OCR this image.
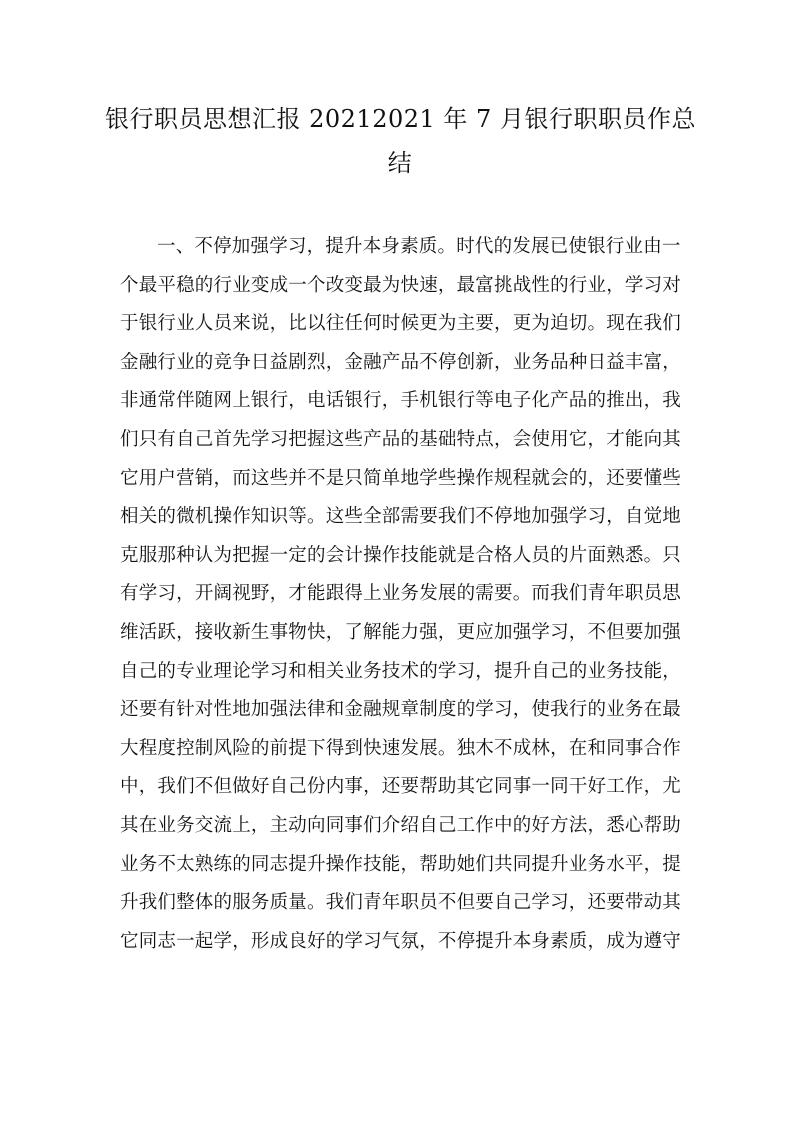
银行职员思想汇报 20212021 年 7 月银行职职员作总
结
一、不停加强学习，提升本身素质。时代的发展已使银行业由一
个最平稳的行业变成一个改变最为快速，最富挑战性的行业，学习对
于银行业人员来说，比以往任何时候更为主要，更为迫切。现在我们
金融行业的竞争日益剧烈，金融产品不停创新，业务品种日益丰富，
非通常伴随网上银行，电话银行，手机银行等电子化产品的推出，我
们只有自己首先学习把握这些产品的基础特点，会使用它，才能向其
它用户营销，而这些并不是只简单地学些操作规程就会的，还要懂些
相关的微机操作知识等。这些全部需要我们不停地加强学习，自觉地
克服那种认为把握一定的会计操作技能就是合格人员的片面熟悉。只
有学习，开阔视野，才能跟得上业务发展的需要。而我们青年职员思
维活跃，接收新生事物快，了解能力强，更应加强学习，不但要加强
自己的专业理论学习和相关业务技术的学习，提升自己的业务技能，
还要有针对性地加强法律和金融规章制度的学习，使我行的业务在最
大程度控制风险的前提下得到快速发展。独木不成林，在和同事合作
中，我们不但做好自己份内事，还要帮助其它同事一同干好工作，尤
其在业务交流上，主动向同事们介绍自己工作中的好方法，悉心帮助
业务不太熟练的同志提升操作技能，帮助她们共同提升业务水平，提
升我们整体的服务质量。我们青年职员不但要自己学习，还要带动其
它同志一起学，形成良好的学习气氛，不停提升本身素质，成为遵守
